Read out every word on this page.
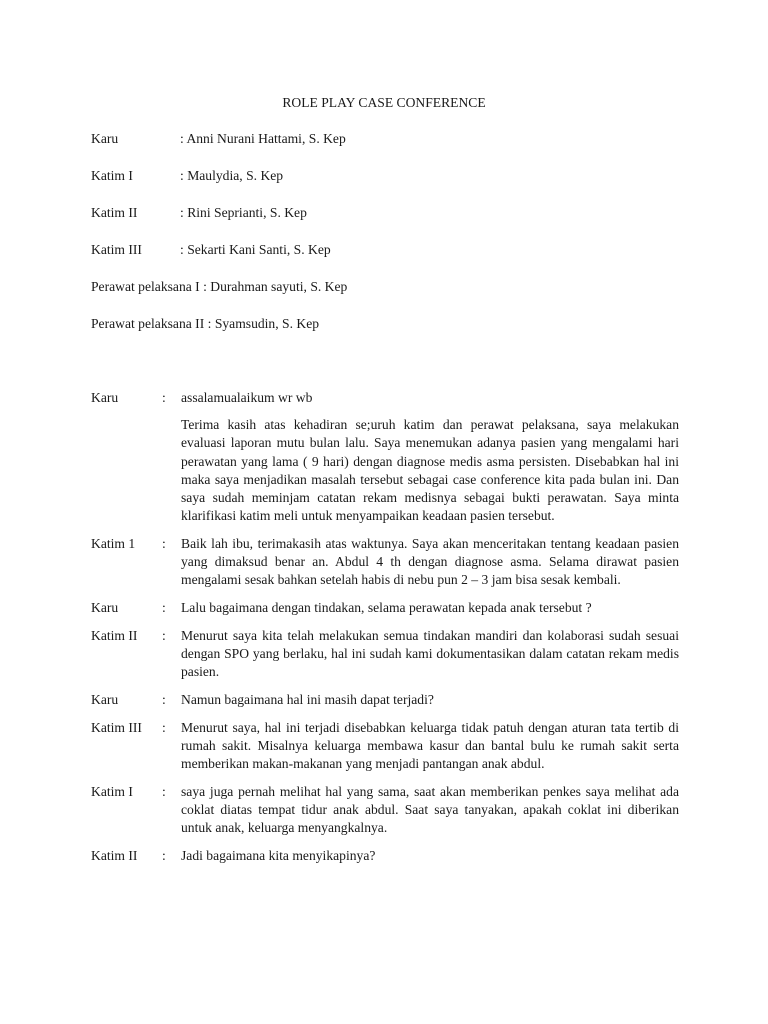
ROLE PLAY CASE CONFERENCE
Karu	: Anni Nurani Hattami, S. Kep
Katim I	: Maulydia, S. Kep
Katim II	: Rini Seprianti, S. Kep
Katim III	: Sekarti Kani Santi, S. Kep
Perawat pelaksana I : Durahman sayuti, S. Kep
Perawat pelaksana II : Syamsudin, S. Kep
Karu	:	assalamualaikum wr wb

Terima kasih atas kehadiran se;uruh katim dan perawat pelaksana, saya melakukan evaluasi laporan mutu bulan lalu. Saya menemukan adanya pasien yang mengalami hari perawatan yang lama ( 9 hari) dengan diagnose medis asma persisten. Disebabkan hal ini maka saya menjadikan masalah tersebut sebagai case conference kita pada bulan ini. Dan saya sudah meminjam catatan rekam medisnya sebagai bukti perawatan. Saya minta klarifikasi katim meli untuk menyampaikan keadaan pasien tersebut.

Katim 1	:	Baik lah ibu, terimakasih atas waktunya. Saya akan menceritakan tentang keadaan pasien yang dimaksud benar an. Abdul 4 th dengan diagnose asma. Selama dirawat pasien mengalami sesak bahkan setelah habis di nebu pun 2 – 3 jam bisa sesak kembali.

Karu	:	Lalu bagaimana dengan tindakan, selama perawatan kepada anak tersebut ?

Katim II	:	Menurut saya kita telah melakukan semua tindakan mandiri dan kolaborasi sudah sesuai dengan SPO yang berlaku, hal ini sudah kami dokumentasikan dalam catatan rekam medis pasien.

Karu	:	Namun bagaimana hal ini masih dapat terjadi?

Katim III	:	Menurut saya, hal ini terjadi disebabkan keluarga tidak patuh dengan aturan tata tertib di rumah sakit. Misalnya keluarga membawa kasur dan bantal bulu ke rumah sakit serta memberikan makan-makanan yang menjadi pantangan anak abdul.

Katim I	:	saya juga pernah melihat hal yang sama, saat akan memberikan penkes saya melihat ada coklat diatas tempat tidur anak abdul. Saat saya tanyakan, apakah coklat ini diberikan untuk anak, keluarga menyangkalnya.

Katim II	:	Jadi bagaimana kita menyikapinya?
